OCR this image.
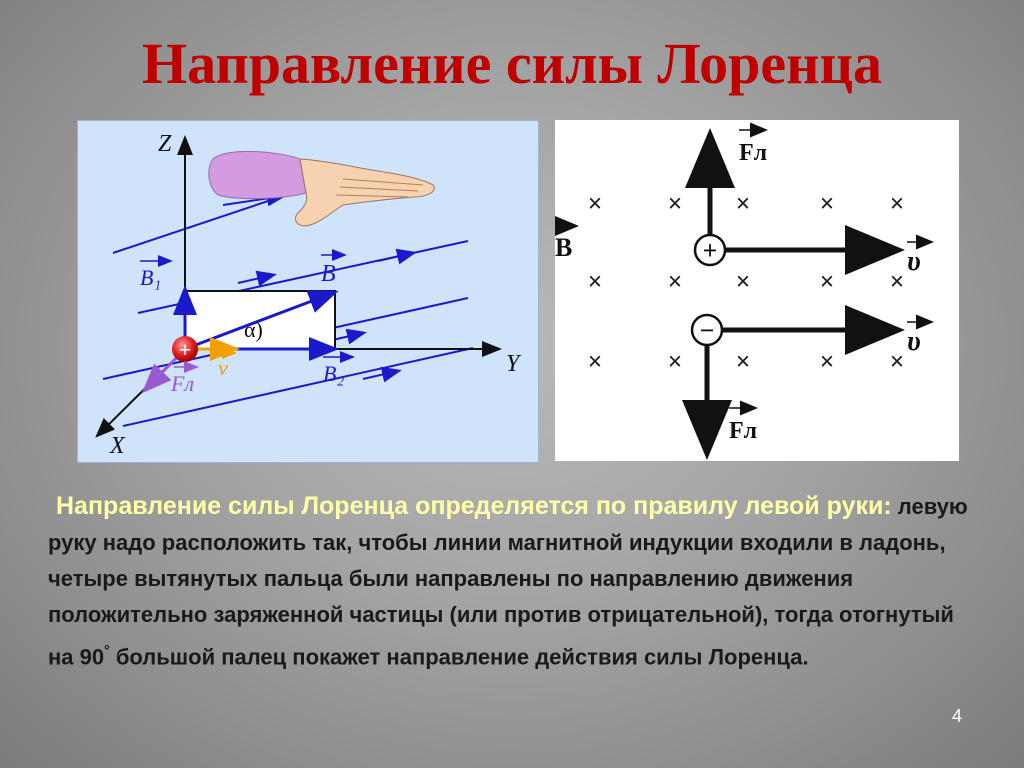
Направление силы Лоренца
+
Z
Y
X
B₁	B
B₂
v
Fл
α)
×	× ×	× ×
×	× ×	× ×
×	× ×	× ×
B	+
−
Fл
Fл
υ
υ
Направление силы Лоренца определяется по правилу левой руки: левую руку надо расположить так, чтобы линии магнитной индукции входили в ладонь, четыре вытянутых пальца были направлены по направлению движения положительно заряженной частицы (или против отрицательной), тогда отогнутый на 90° большой палец покажет направление действия силы Лоренца.
4
